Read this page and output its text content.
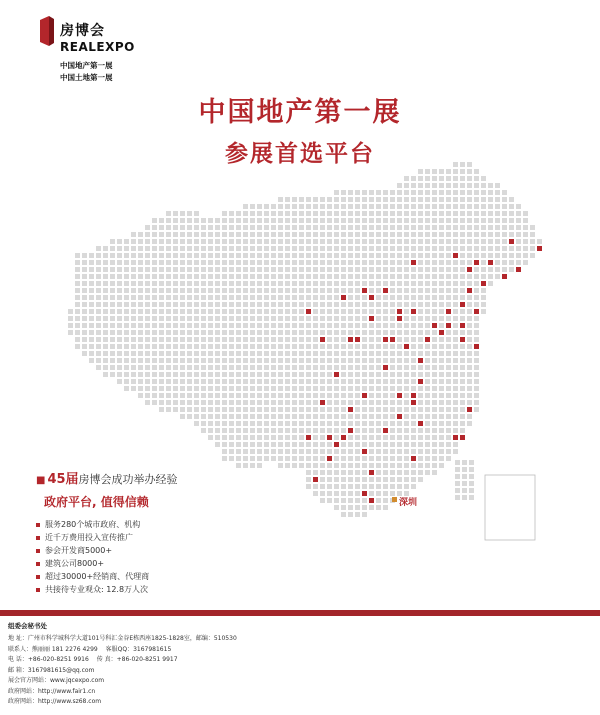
房博会
REALEXPO
中国地产第一展
中国土地第一展
中国地产第一展
参展首选平台
深圳
■ 45届房博会成功举办经验
政府平台, 值得信赖
服务280个城市政府、机构
近千万费用投入宣传推广
参会开发商5000+
建筑公司8000+
超过30000+经销商、代理商
共接待专业观众: 12.8万人次
组委会秘书处
地 址：广州市科学城科学大道101号科汇金谷E栋西座1825-1828室，邮编：510530
联系人：熊丽丽 181 2276 4299 客服QQ：3167981615
电 话：+86-020-8251 9916 传 真：+86-020-8251 9917
邮 箱：3167981615@qq.com
展会官方网站：www.jqcexpo.com
政府网站：http://www.fair1.cn
政府网站：http://www.sz68.com
